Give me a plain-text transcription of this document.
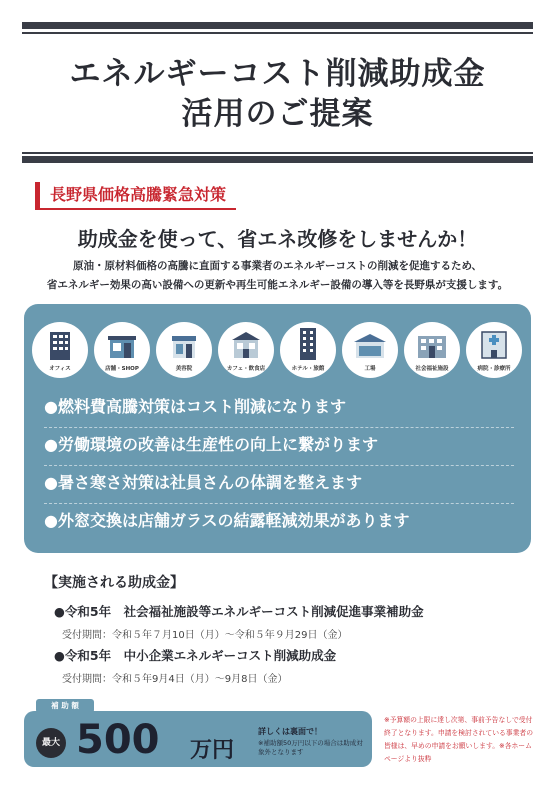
エネルギーコスト削減助成金
活用のご提案
長野県価格高騰緊急対策
助成金を使って、省エネ改修をしませんか！
原油・原材料価格の高騰に直面する事業者のエネルギーコストの削減を促進するため、
省エネルギー効果の高い設備への更新や再生可能エネルギー設備の導入等を長野県が支援します。
オフィス	店舗・SHOP	美容院	カフェ・飲食店	ホテル・旅館	工場	社会福祉施設	病院・診療所
●燃料費高騰対策はコスト削減になります
●労働環境の改善は生産性の向上に繋がります
●暑さ寒さ対策は社員さんの体調を整えます
●外窓交換は店舗ガラスの結露軽減効果があります
【実施される助成金】
●令和5年　社会福祉施設等エネルギーコスト削減促進事業補助金
受付期間：令和５年７月10日（月）〜令和５年９月29日（金）
●令和5年　中小企業エネルギーコスト削減助成金
受付期間：令和５年9月4日（月）〜9月8日（金）
補 助 額
最大 500 万円
詳しくは裏面で！
※補助額50万円以下の場合は助成対象外となります
※予算額の上限に達し次第、事前予告なしで受付終了となります。申請を検討されている事業者の皆様は、早めの申請をお願いします。※各ホームページより抜粋
